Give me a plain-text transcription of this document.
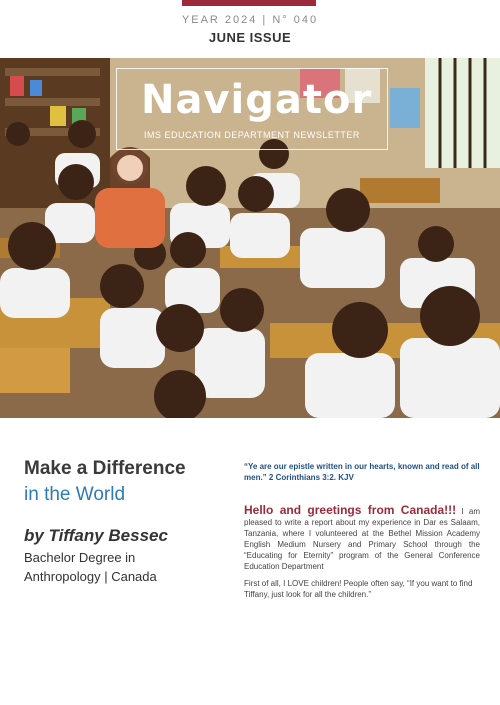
YEAR 2024 | N° 040
JUNE ISSUE
Navigator
IMS EDUCATION DEPARTMENT NEWSLETTER
Make a Difference
in the World
by Tiffany Bessec
Bachelor Degree in Anthropology | Canada
“Ye are our epistle written in our hearts, known and read of all men.” 2 Corinthians 3:2. KJV
Hello and greetings from Canada!!! I am pleased to write a report about my experience in Dar es Salaam, Tanzania, where I volunteered at the Bethel Mission Academy English Medium Nursery and Primary School through the “Educating for Eternity” program of the General Conference Education Department
First of all, I LOVE children! People often say, “If you want to find Tiffany, just look for all the children.”
